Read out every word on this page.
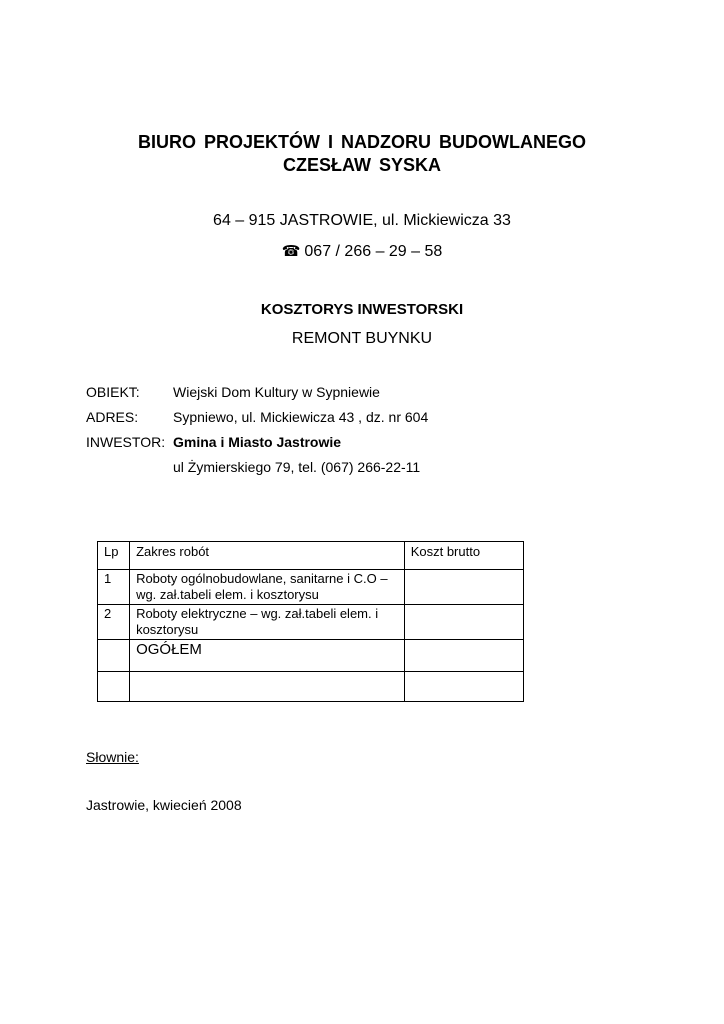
BIURO PROJEKTÓW I NADZORU BUDOWLANEGO
CZESŁAW SYSKA
64 – 915 JASTROWIE, ul. Mickiewicza 33
☎ 067 / 266 – 29 – 58
KOSZTORYS INWESTORSKI
REMONT BUYNKU
OBIEKT: Wiejski Dom Kultury w Sypniewie
ADRES: Sypniewo, ul. Mickiewicza 43 , dz. nr 604
INWESTOR: Gmina i Miasto Jastrowie
ul Żymierskiego 79, tel. (067) 266-22-11
Lp	Zakres robót	Koszt brutto
1	Roboty ogólnobudowlane, sanitarne i C.O – wg. zał.tabeli elem. i kosztorysu	
2	Roboty elektryczne – wg. zał.tabeli elem. i kosztorysu	
	OGÓŁEM	

Słownie:
Jastrowie, kwiecień 2008
